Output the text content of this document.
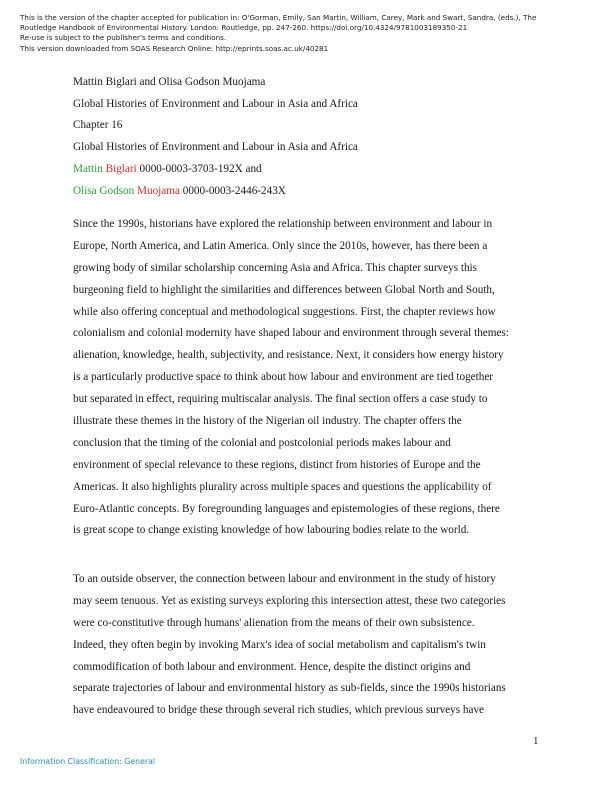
This is the version of the chapter accepted for publication in: O'Gorman, Emily, San Martin, William, Carey, Mark and Swart, Sandra, (eds.), The
Routledge Handbook of Environmental History. London: Routledge, pp. 247-260. https://doi.org/10.4324/9781003189350-21
Re-use is subject to the publisher's terms and conditions.
This version downloaded from SOAS Research Online: http://eprints.soas.ac.uk/40281
Mattin Biglari and Olisa Godson Muojama
Global Histories of Environment and Labour in Asia and Africa
Chapter 16
Global Histories of Environment and Labour in Asia and Africa
Mattin Biglari 0000-0003-3703-192X and
Olisa Godson Muojama 0000-0003-2446-243X
Since the 1990s, historians have explored the relationship between environment and labour in
Europe, North America, and Latin America. Only since the 2010s, however, has there been a
growing body of similar scholarship concerning Asia and Africa. This chapter surveys this
burgeoning field to highlight the similarities and differences between Global North and South,
while also offering conceptual and methodological suggestions. First, the chapter reviews how
colonialism and colonial modernity have shaped labour and environment through several themes:
alienation, knowledge, health, subjectivity, and resistance. Next, it considers how energy history
is a particularly productive space to think about how labour and environment are tied together
but separated in effect, requiring multiscalar analysis. The final section offers a case study to
illustrate these themes in the history of the Nigerian oil industry. The chapter offers the
conclusion that the timing of the colonial and postcolonial periods makes labour and
environment of special relevance to these regions, distinct from histories of Europe and the
Americas. It also highlights plurality across multiple spaces and questions the applicability of
Euro-Atlantic concepts. By foregrounding languages and epistemologies of these regions, there
is great scope to change existing knowledge of how labouring bodies relate to the world.
To an outside observer, the connection between labour and environment in the study of history
may seem tenuous. Yet as existing surveys exploring this intersection attest, these two categories
were co-constitutive through humans' alienation from the means of their own subsistence.
Indeed, they often begin by invoking Marx's idea of social metabolism and capitalism's twin
commodification of both labour and environment. Hence, despite the distinct origins and
separate trajectories of labour and environmental history as sub-fields, since the 1990s historians
have endeavoured to bridge these through several rich studies, which previous surveys have
1
Information Classification: General
